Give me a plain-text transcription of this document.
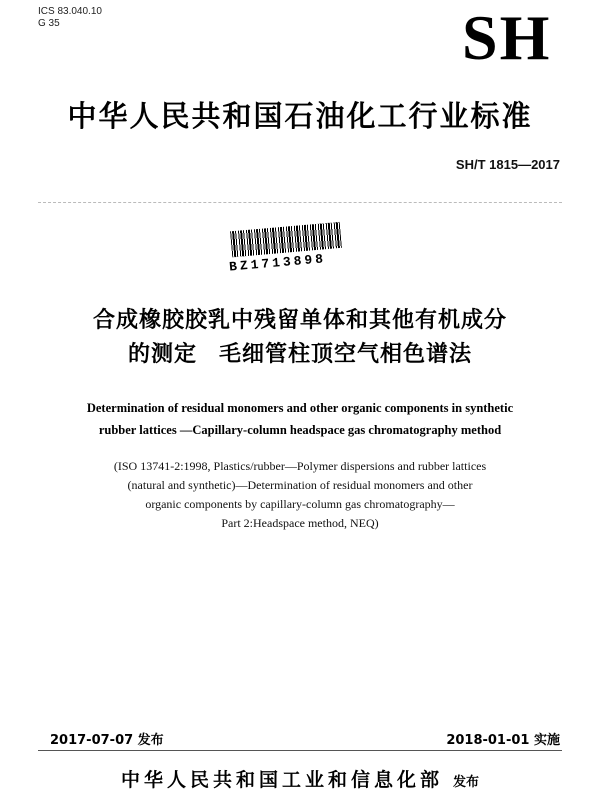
ICS 83.040.10
G 35	SH
中华人民共和国石油化工行业标准
SH/T 1815—2017
BZ1713898
合成橡胶胶乳中残留单体和其他有机成分
的测定 毛细管柱顶空气相色谱法
Determination of residual monomers and other organic components in synthetic
rubber lattices —Capillary-column headspace gas chromatography method
(ISO 13741-2:1998, Plastics/rubber—Polymer dispersions and rubber lattices
(natural and synthetic)—Determination of residual monomers and other
organic components by capillary-column gas chromatography—
Part 2:Headspace method, NEQ)
2017-07-07 发布	2018-01-01 实施
中华人民共和国工业和信息化部 发布
